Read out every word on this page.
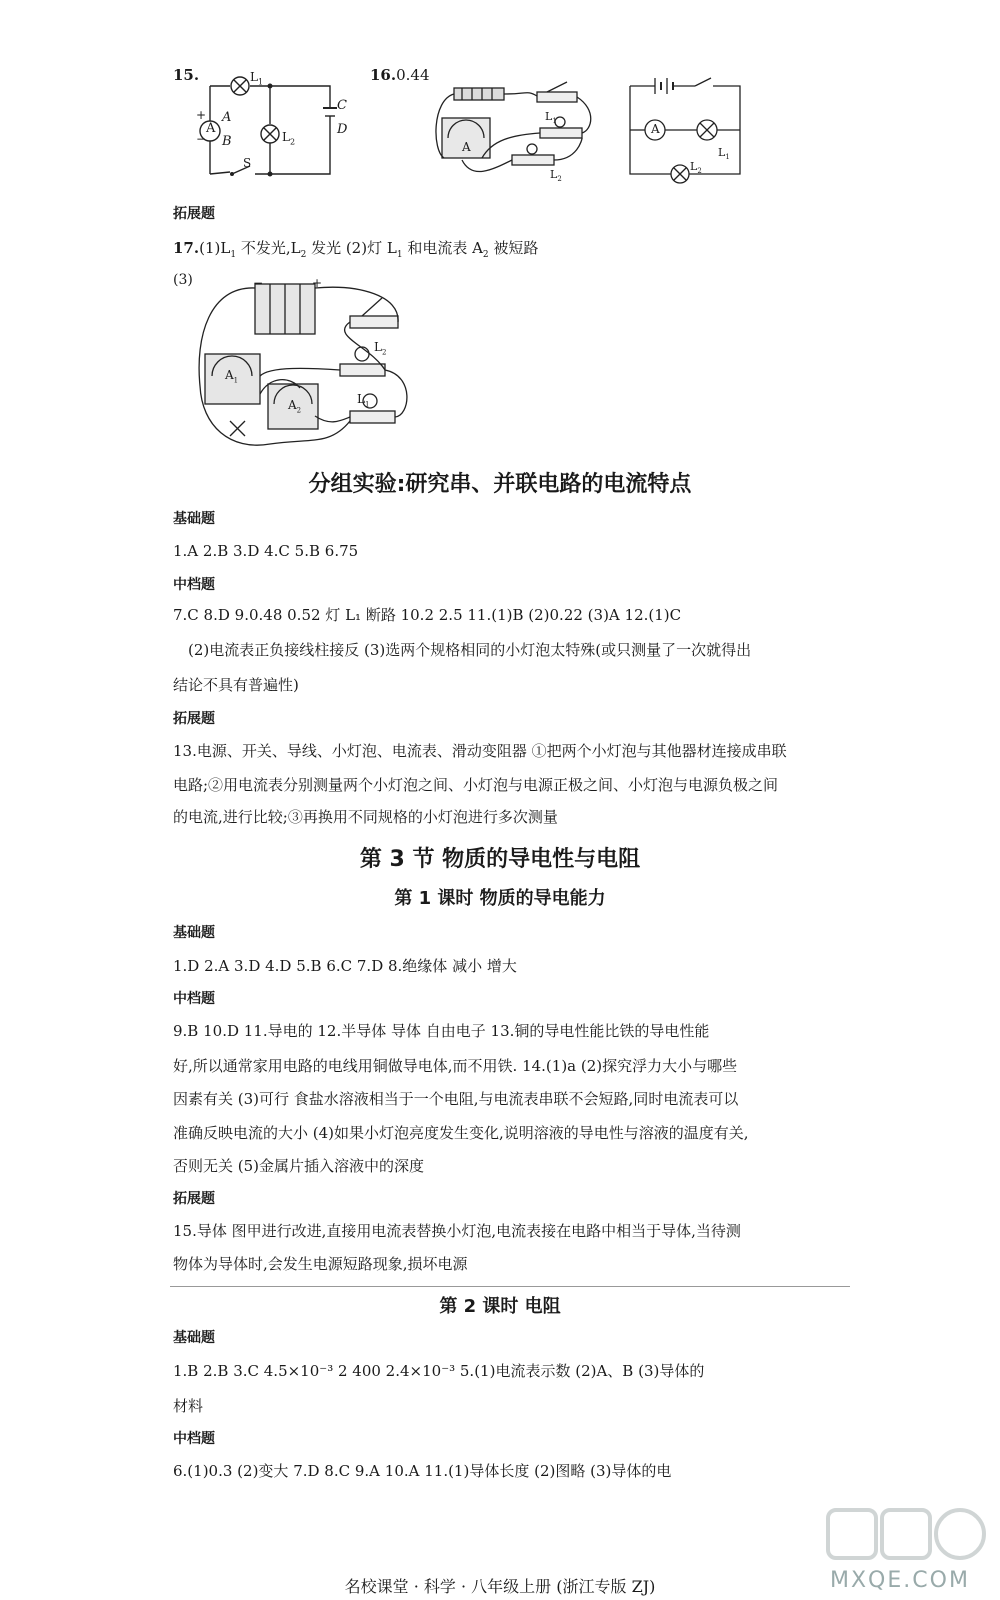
15.
A
+
−
A
B
$L_1$
$L_2$
C
D
S
16.0.44
A
$L_1$
$L_2$
A
$L_1$
$L_2$
拓展题
$17.(1)L_1$ 不发光$,L_2$ 发光 (2)灯 $L_1$ 和电流表 $A_2$ 被短路
(3)	−	+
$A_1$
$A_2$
$L_2$
$L_1$
分组实验:研究串、并联电路的电流特点
基础题
1.A 2.B 3.D 4.C 5.B 6.75
中档题
7.C 8.D 9.0.48 0.52 灯 L₁ 断路 10.2 2.5 11.(1)B (2)0.22 (3)A 12.(1)C
(2)电流表正负接线柱接反 (3)选两个规格相同的小灯泡太特殊(或只测量了一次就得出
结论不具有普遍性)
拓展题
13.电源、开关、导线、小灯泡、电流表、滑动变阻器 ①把两个小灯泡与其他器材连接成串联
电路;②用电流表分别测量两个小灯泡之间、小灯泡与电源正极之间、小灯泡与电源负极之间
的电流,进行比较;③再换用不同规格的小灯泡进行多次测量
第 3 节 物质的导电性与电阻
第 1 课时 物质的导电能力
基础题
1.D 2.A 3.D 4.D 5.B 6.C 7.D 8.绝缘体 减小 增大
中档题
9.B 10.D 11.导电的 12.半导体 导体 自由电子 13.铜的导电性能比铁的导电性能
好,所以通常家用电路的电线用铜做导电体,而不用铁. 14.(1)a (2)探究浮力大小与哪些
因素有关 (3)可行 食盐水溶液相当于一个电阻,与电流表串联不会短路,同时电流表可以
准确反映电流的大小 (4)如果小灯泡亮度发生变化,说明溶液的导电性与溶液的温度有关,
否则无关 (5)金属片插入溶液中的深度
拓展题
15.导体 图甲进行改进,直接用电流表替换小灯泡,电流表接在电路中相当于导体,当待测
物体为导体时,会发生电源短路现象,损坏电源
第 2 课时 电阻
基础题
1.B 2.B 3.C 4.5×10⁻³ 2 400 2.4×10⁻³ 5.(1)电流表示数 (2)A、B (3)导体的
材料
中档题
6.(1)0.3 (2)变大 7.D 8.C 9.A 10.A 11.(1)导体长度 (2)图略 (3)导体的电
名校课堂 · 科学 · 八年级上册 (浙江专版 ZJ)	MXQE.COM
